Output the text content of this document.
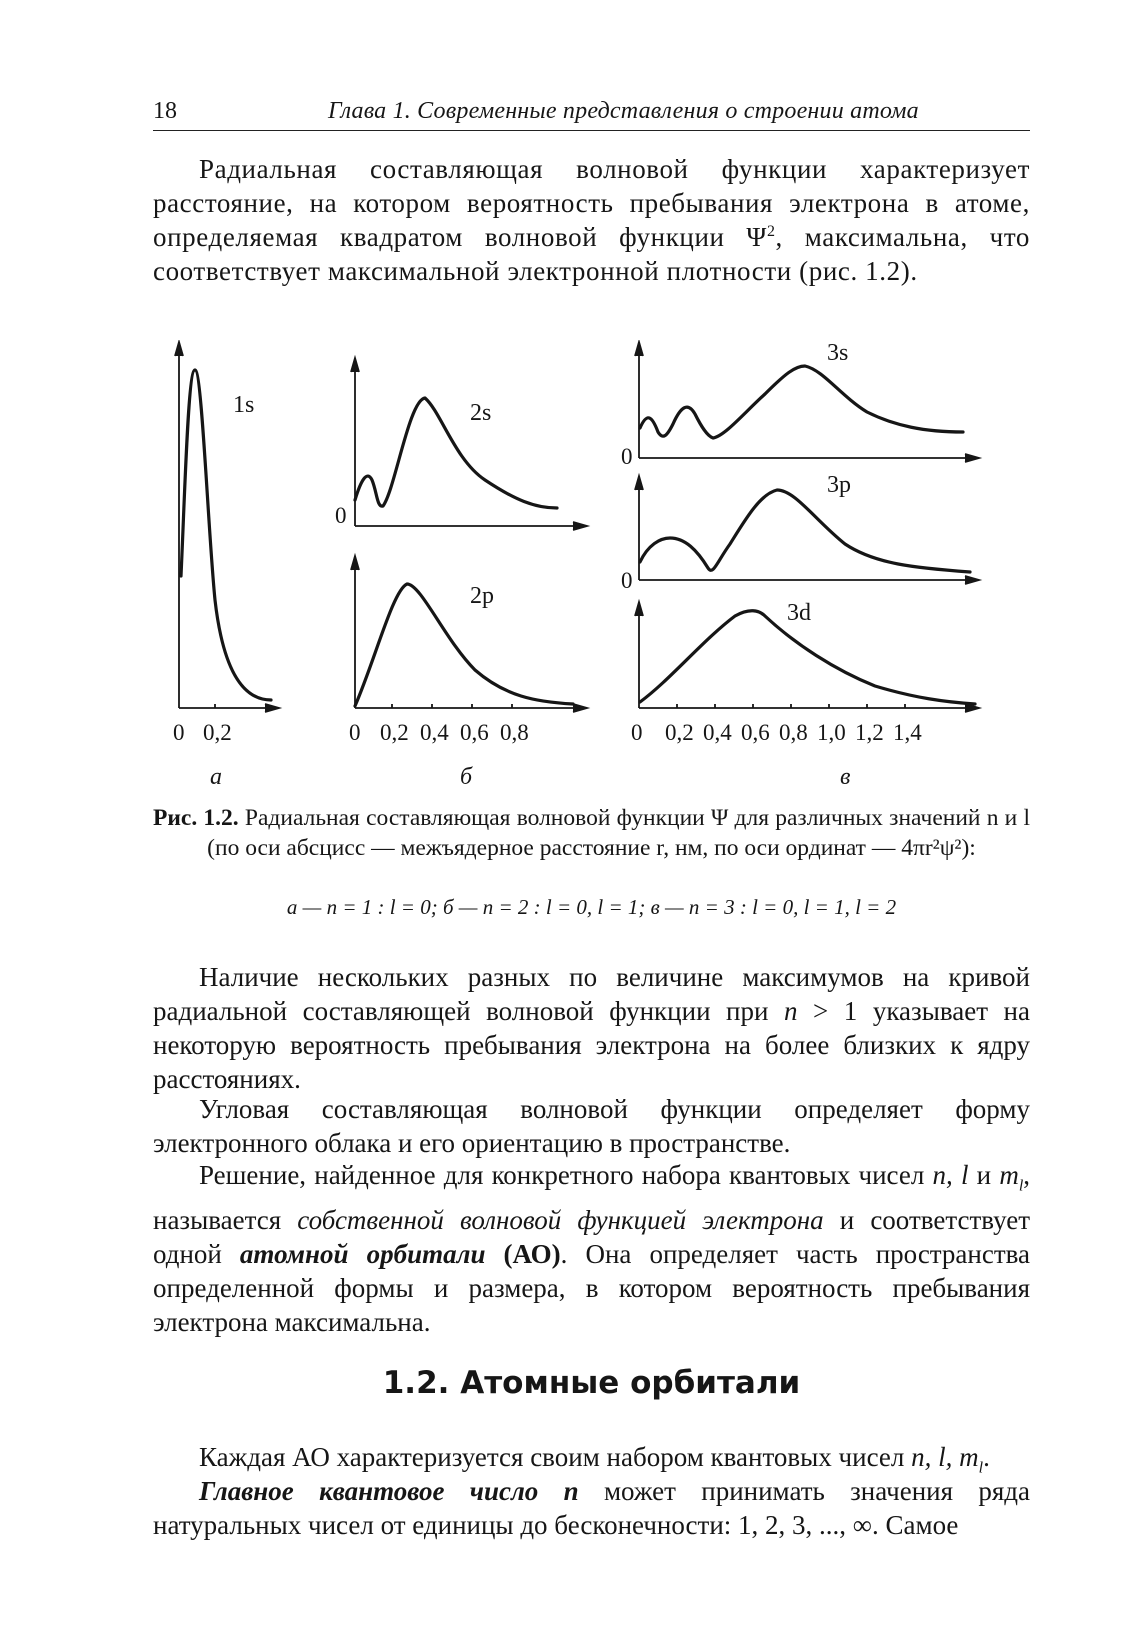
18	Глава 1. Современные представления о строении атома
Радиальная составляющая волновой функции характеризует расстояние, на котором вероятность пребывания электрона в атоме, определяемая квадратом волновой функции $\Psi^2$, максимальна, что соответствует максимальной электронной плотности (рис. 1.2).
1s	2s
2p
3s
3p
3d
0
0
0
0 0,2	0 0,2 0,4 0,6 0,8	0 0,2 0,4 0,6 0,8 1,0 1,2 1,4
а	б	в
Рис. 1.2. Радиальная составляющая волновой функции Ψ для различных значений n и l (по оси абсцисс — межъядерное расстояние r, нм, по оси ординат — 4πr²ψ²):
а — n = 1 : l = 0; б — n = 2 : l = 0, l = 1; в — n = 3 : l = 0, l = 1, l = 2
Наличие нескольких разных по величине максимумов на кривой радиальной составляющей волновой функции при n > 1 указывает на некоторую вероятность пребывания электрона на более близких к ядру расстояниях.
Угловая составляющая волновой функции определяет форму электронного облака и его ориентацию в пространстве.
Решение, найденное для конкретного набора квантовых чисел n, l и $m_l$, называется собственной волновой функцией электрона и соответствует одной атомной орбитали (АО). Она определяет часть пространства определенной формы и размера, в котором вероятность пребывания электрона максимальна.
1.2. Атомные орбитали
Каждая АО характеризуется своим набором квантовых чисел n, l, $m_l$.
Главное квантовое число n может принимать значения ряда натуральных чисел от единицы до бесконечности: 1, 2, 3, ..., ∞. Самое
